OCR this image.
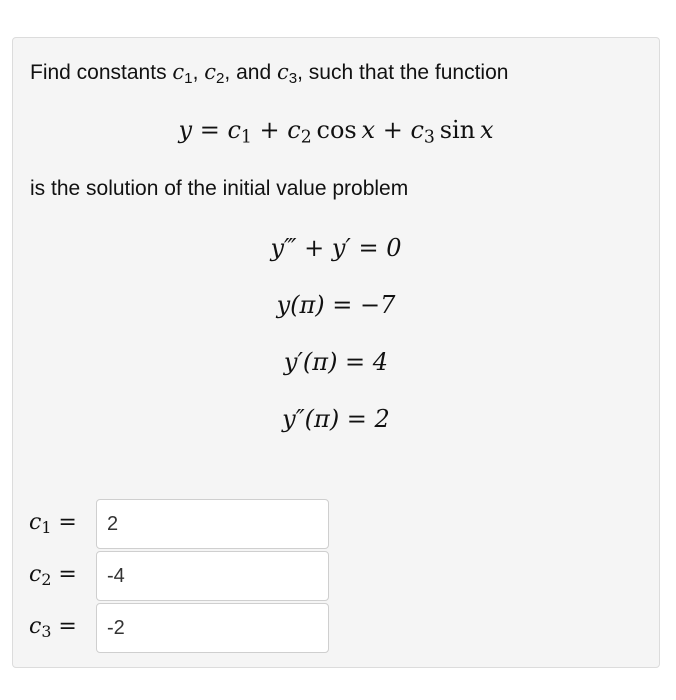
Find constants $c_1$, $c_2$, and $c_3$, such that the function
$y = c_1 + c_2$  $\cos x + c_3$  sin  x
is the solution of the initial value problem
y‴ + y′ = 0
y(π) = −7
y′(π) = 4
y″(π) = 2
$c_1$ =
2
$c_2$ =
-4
$c_3$ =
-2
